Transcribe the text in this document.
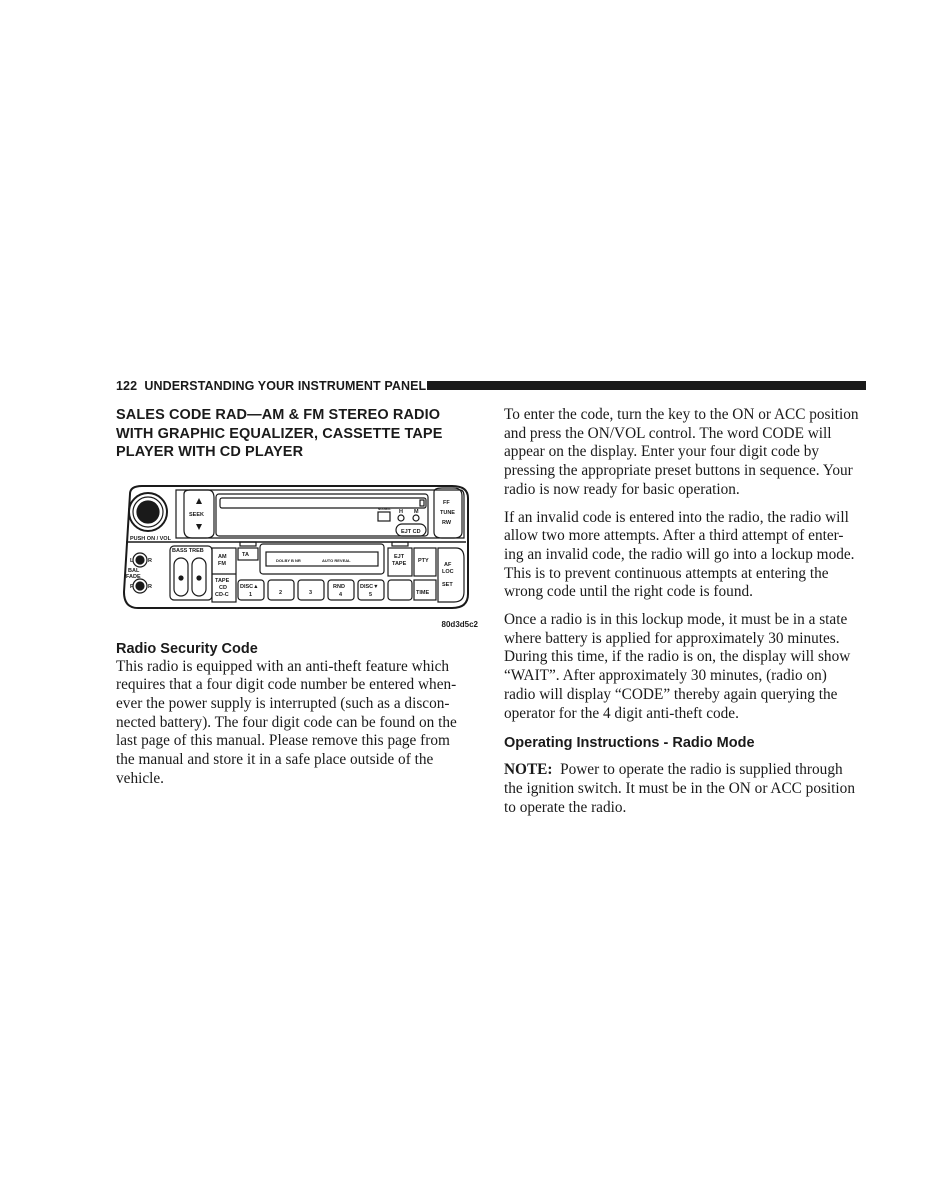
122 UNDERSTANDING YOUR INSTRUMENT PANEL
SALES CODE RAD—AM & FM STEREO RADIO
WITH GRAPHIC EQUALIZER, CASSETTE TAPE
PLAYER WITH CD PLAYER
PUSH ON / VOL
SEEK
FF
TUNE
RW
EJT CD
NORMAL H M
BASS TREB
L	R
BAL
FADE
F	R
AM
FM
TAPE
CD
CD-C
TA
DOLBY B NR	AUTO REVEAL
EJT
TAPE PTY
AF
LOC
SET
TIME
DISC▲
1	2	3
RND
4
DISC▼
5
80d3d5c2
Radio Security Code

This radio is equipped with an anti-theft feature which
requires that a four digit code number be entered when-
ever the power supply is interrupted (such as a discon-
nected battery). The four digit code can be found on the
last page of this manual. Please remove this page from
the manual and store it in a safe place outside of the
vehicle.

To enter the code, turn the key to the ON or ACC position
and press the ON/VOL control. The word CODE will
appear on the display. Enter your four digit code by
pressing the appropriate preset buttons in sequence. Your
radio is now ready for basic operation.

If an invalid code is entered into the radio, the radio will
allow two more attempts. After a third attempt of enter-
ing an invalid code, the radio will go into a lockup mode.
This is to prevent continuous attempts at entering the
wrong code until the right code is found.

Once a radio is in this lockup mode, it must be in a state
where battery is applied for approximately 30 minutes.
During this time, if the radio is on, the display will show
“WAIT”. After approximately 30 minutes, (radio on)
radio will display “CODE” thereby again querying the
operator for the 4 digit anti-theft code.

Operating Instructions - Radio Mode

NOTE: Power to operate the radio is supplied through
the ignition switch. It must be in the ON or ACC position
to operate the radio.
